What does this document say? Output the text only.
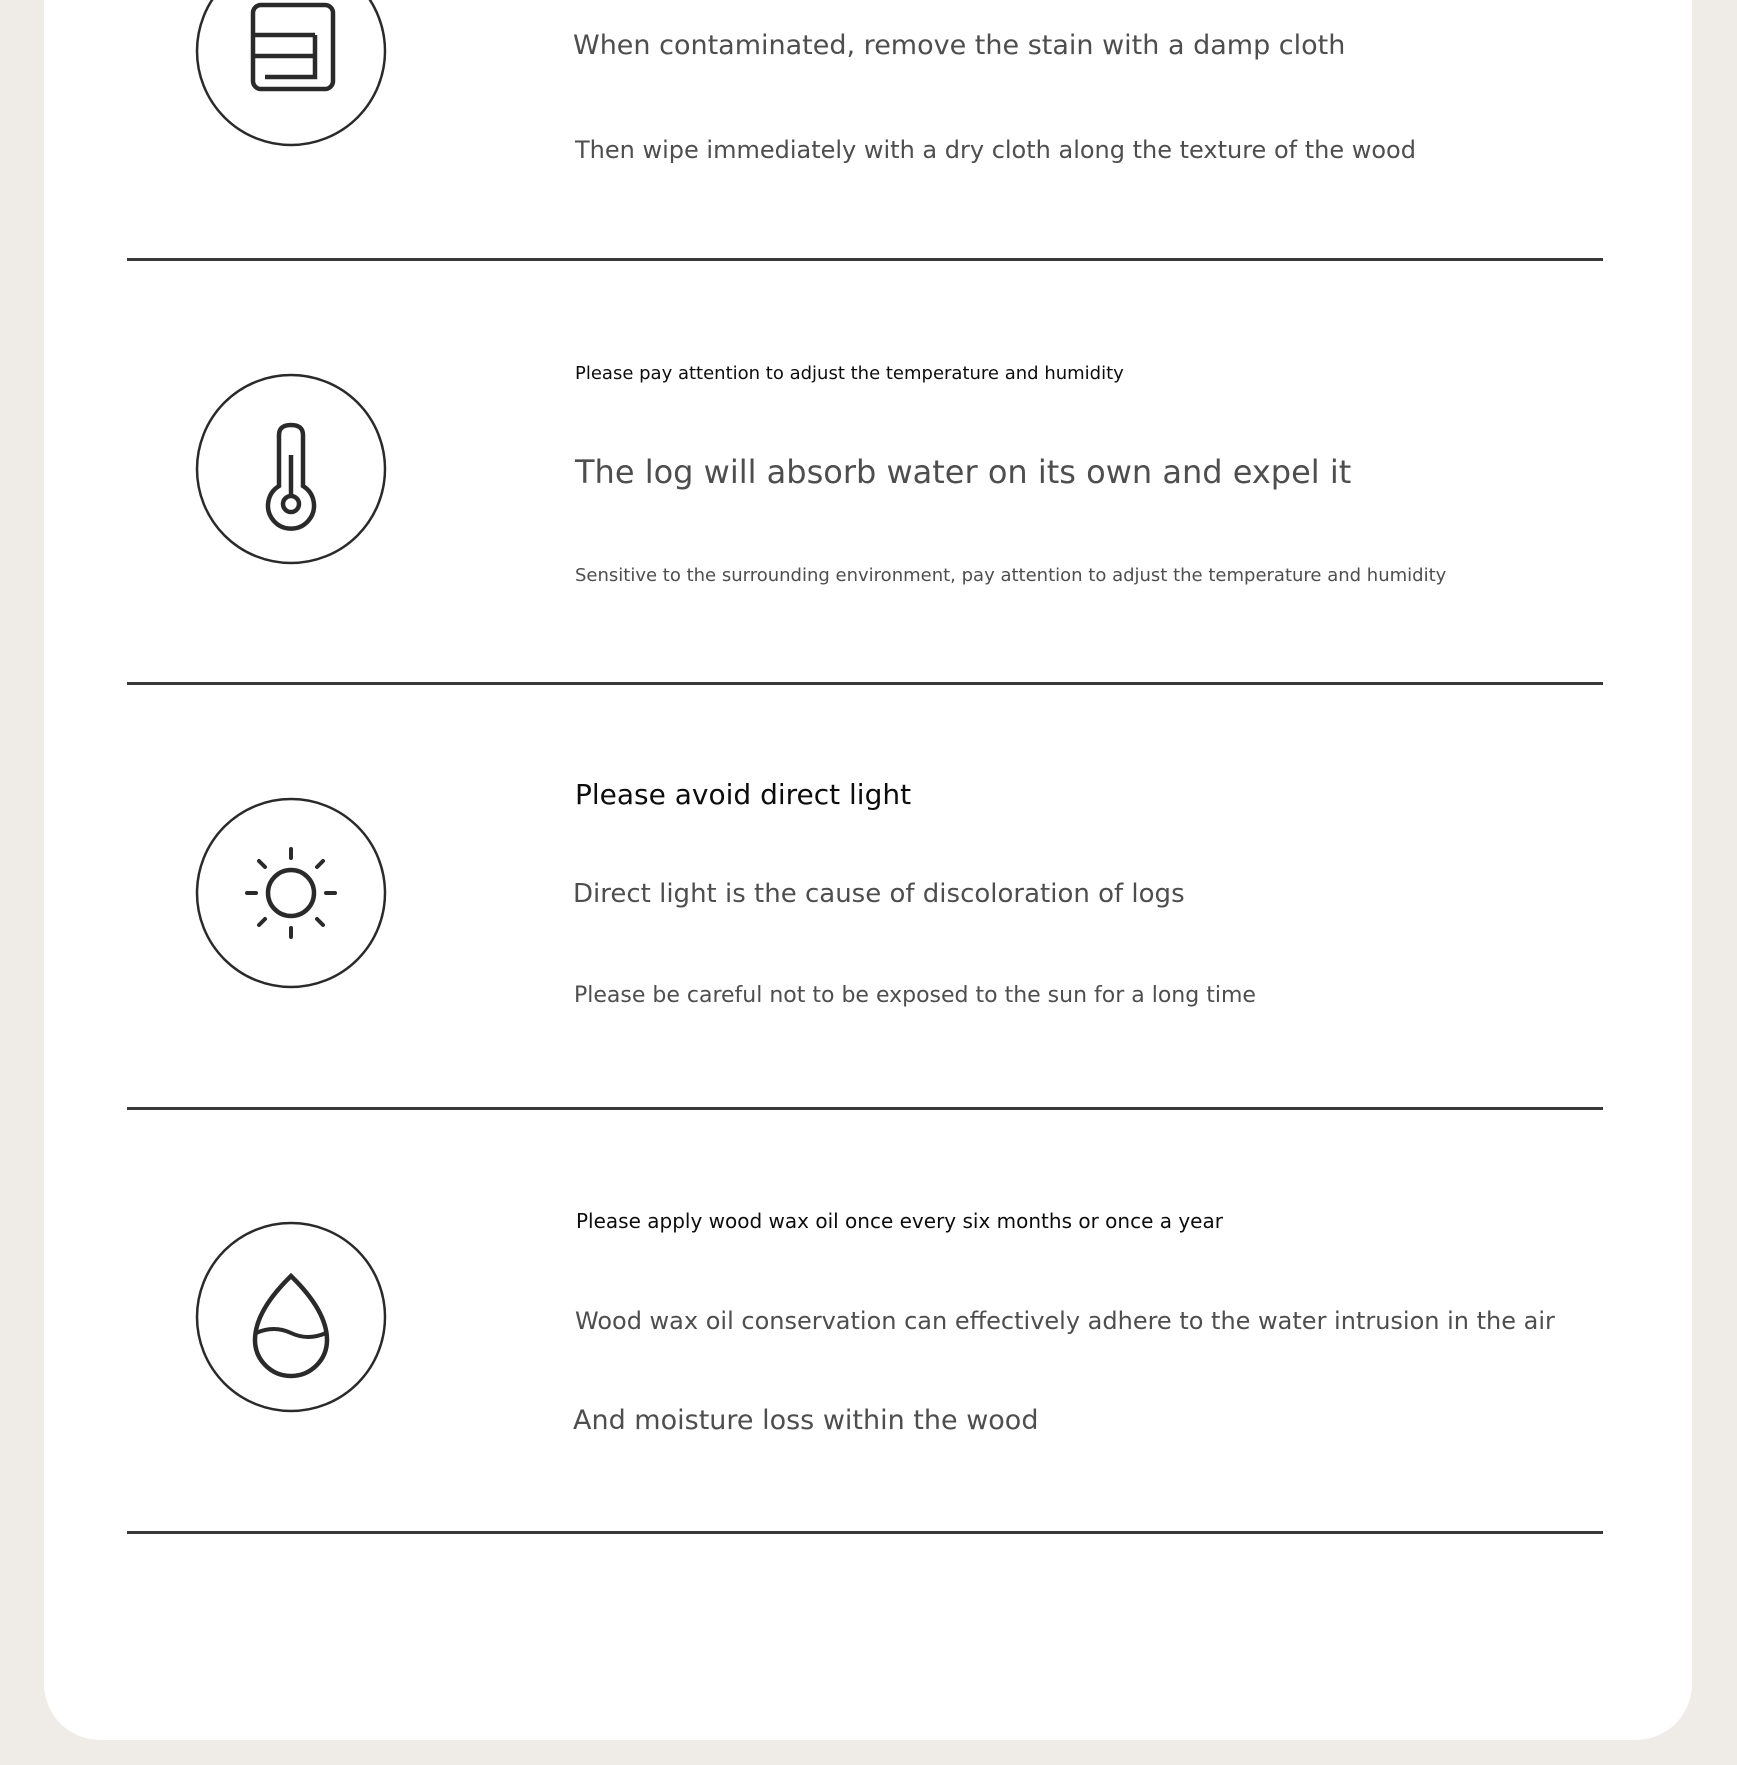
When contaminated, remove the stain with a damp cloth
Then wipe immediately with a dry cloth along the texture of the wood
Please pay attention to adjust the temperature and humidity
The log will absorb water on its own and expel it
Sensitive to the surrounding environment, pay attention to adjust the temperature and humidity
Please avoid direct light
Direct light is the cause of discoloration of logs
Please be careful not to be exposed to the sun for a long time
Please apply wood wax oil once every six months or once a year
Wood wax oil conservation can effectively adhere to the water intrusion in the air
And moisture loss within the wood
